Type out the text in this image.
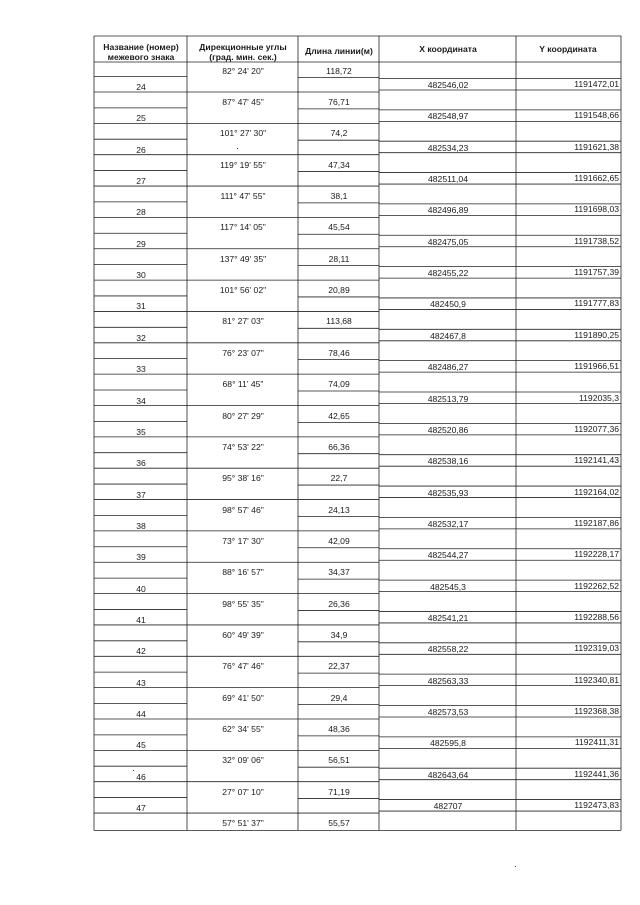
Название (номер) межевого знака
Дирекционные углы (град. мин. сек.)
Длина линии(м)	X координата	Y координата
82° 24' 20"	118,72
24	482546,02	1191472,01
87° 47' 45"	76,71
25	482548,97	1191548,66
101° 27' 30"	74,2
26	482534,23	1191621,38
119° 19' 55"	47,34
27	482511,04	1191662,65
111° 47' 55"	38,1
28	482496,89	1191698,03
117° 14' 05"	45,54
29	482475,05	1191738,52
137° 49' 35"	28,11
30	482455,22	1191757,39
101° 56' 02"	20,89
31	482450,9	1191777,83
81° 27' 03"	113,68
32	482467,8	1191890,25
76° 23' 07"	78,46
33	482486,27	1191966,51
68° 11' 45"	74,09
34	482513,79	1192035,3
80° 27' 29"	42,65
35	482520,86	1192077,36
74° 53' 22"	66,36
36	482538,16	1192141,43
95° 38' 16"	22,7
37	482535,93	1192164,02
98° 57' 46"	24,13
38	482532,17	1192187,86
73° 17' 30"	42,09
39	482544,27	1192228,17
88° 16' 57"	34,37
40	482545,3	1192262,52
98° 55' 35"	26,36
41	482541,21	1192288,56
60° 49' 39"	34,9
42	482558,22	1192319,03
76° 47' 46"	22,37
43	482563,33	1192340,81
69° 41' 50"	29,4
44	482573,53	1192368,38
62° 34' 55"	48,36
45	482595,8	1192411,31
32° 09' 06"	56,51
46	482643,64	1192441,36
27° 07' 10"	71,19
47	482707	1192473,83
57° 51' 37"	55,57
